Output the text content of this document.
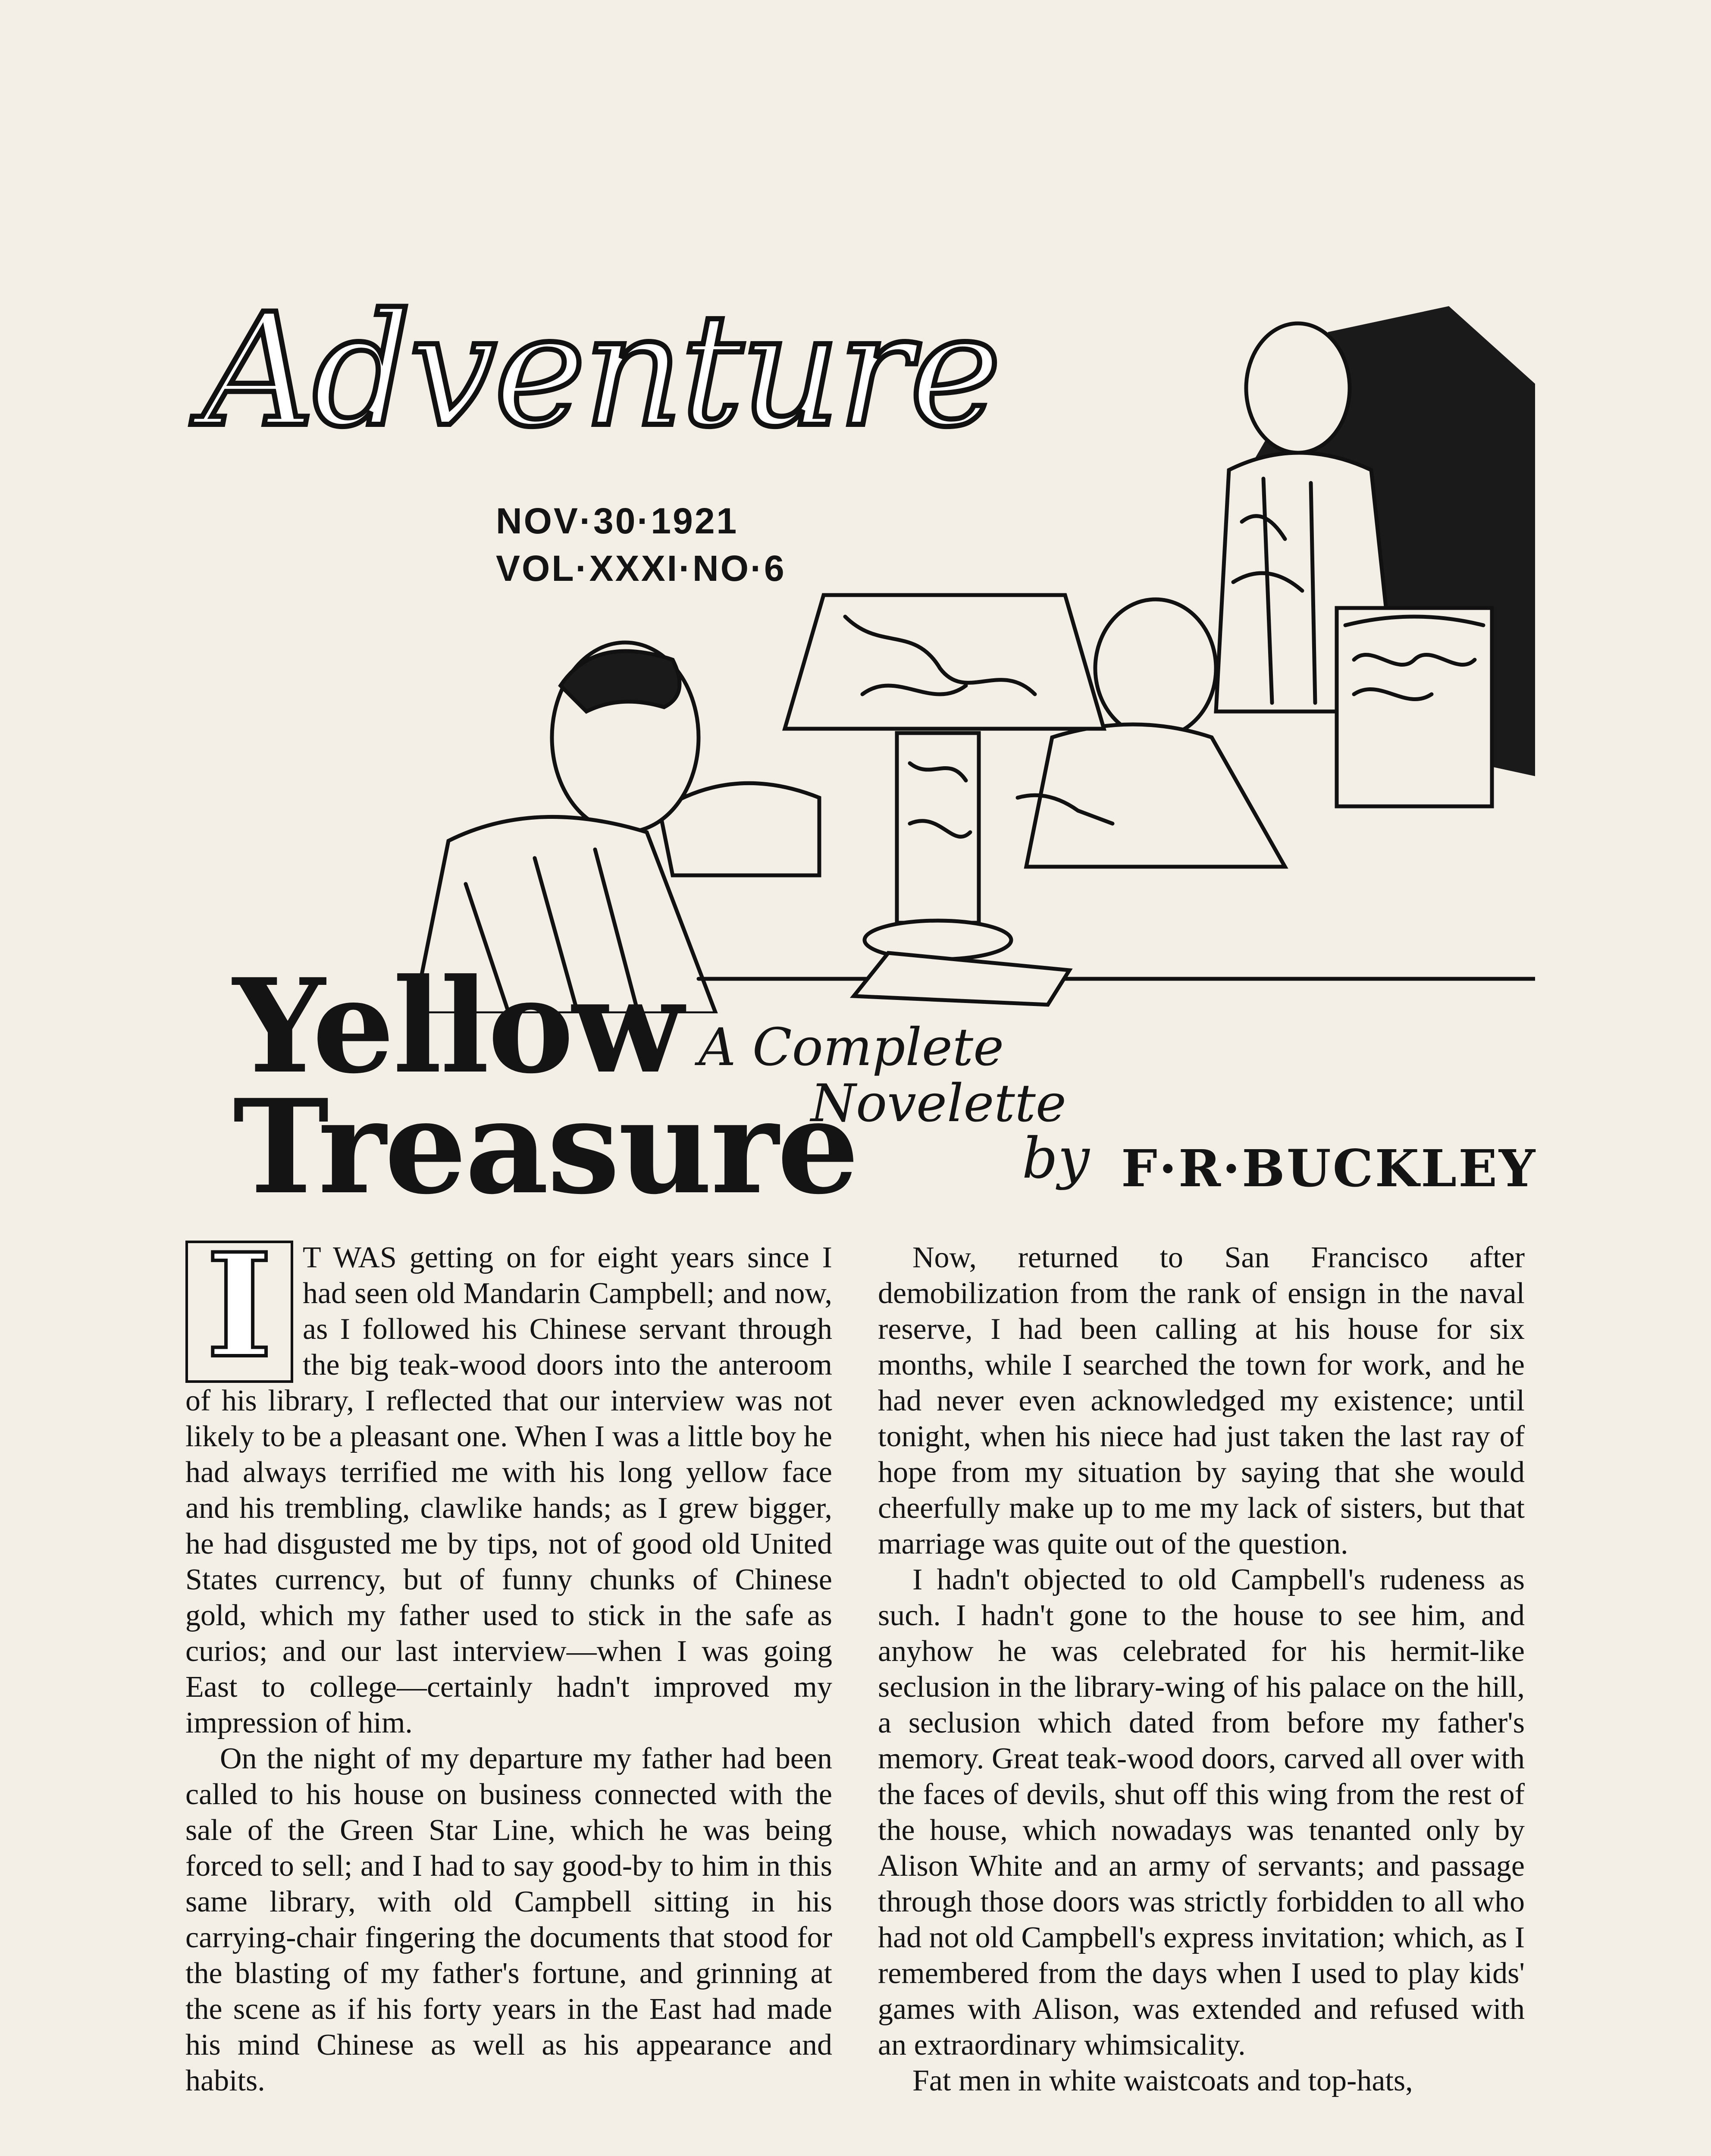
Adventure
NOV·30·1921
VOL·XXXI·NO·6
Yellow
Treasure
A Complete
Novelette
by F·R·BUCKLEY
I T WAS getting on for eight years since I had seen old Mandarin Campbell; and now, as I followed his Chinese servant through the big teak-wood doors into the anteroom of his library, I reflected that our interview was not likely to be a pleasant one. When I was a little boy he had always terrified me with his long yellow face and his trembling, clawlike hands; as I grew bigger, he had disgusted me by tips, not of good old United States currency, but of funny chunks of Chinese gold, which my father used to stick in the safe as curios; and our last interview—when I was going East to college—certainly hadn't improved my impression of him.

On the night of my departure my father had been called to his house on business connected with the sale of the Green Star Line, which he was being forced to sell; and I had to say good-by to him in this same library, with old Campbell sitting in his carrying-chair fingering the documents that stood for the blasting of my father's fortune, and grinning at the scene as if his forty years in the East had made his mind Chinese as well as his appearance and habits.

Now, returned to San Francisco after demobilization from the rank of ensign in the naval reserve, I had been calling at his house for six months, while I searched the town for work, and he had never even acknowledged my existence; until tonight, when his niece had just taken the last ray of hope from my situation by saying that she would cheerfully make up to me my lack of sisters, but that marriage was quite out of the question.

I hadn't objected to old Campbell's rudeness as such. I hadn't gone to the house to see him, and anyhow he was celebrated for his hermit-like seclusion in the library-wing of his palace on the hill, a seclusion which dated from before my father's memory. Great teak-wood doors, carved all over with the faces of devils, shut off this wing from the rest of the house, which nowadays was tenanted only by Alison White and an army of servants; and passage through those doors was strictly forbidden to all who had not old Campbell's express invitation; which, as I remembered from the days when I used to play kids' games with Alison, was extended and refused with an extraordinary whimsicality.

Fat men in white waistcoats and top-hats,
